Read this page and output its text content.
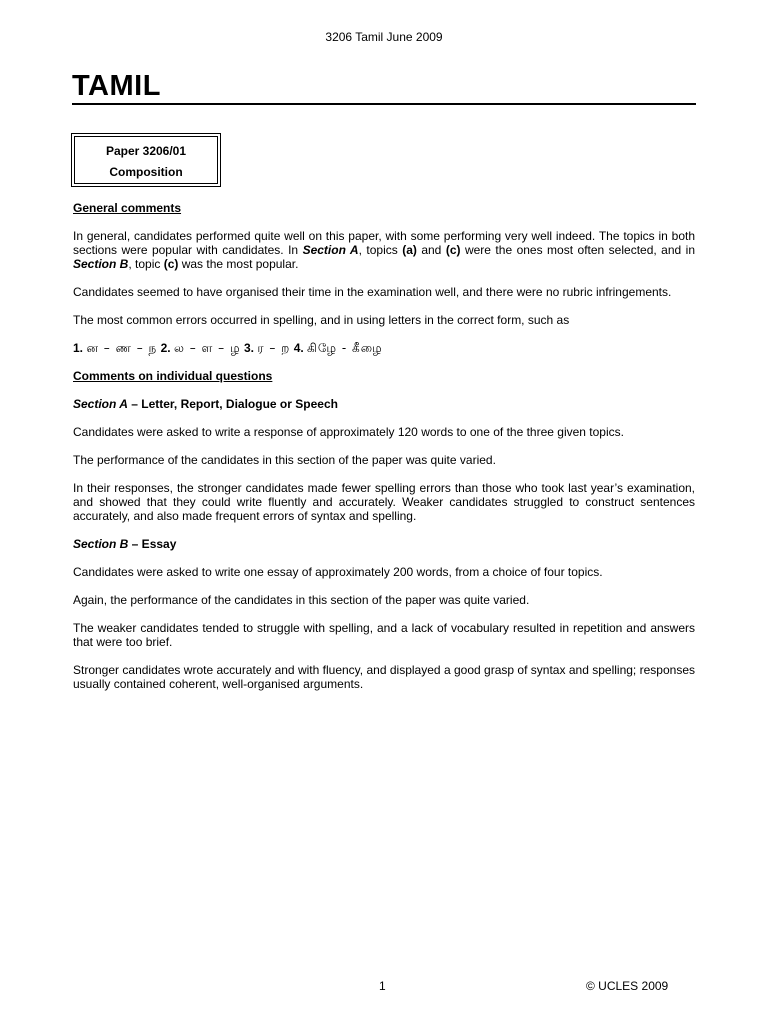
3206 Tamil June 2009
TAMIL
Paper 3206/01
Composition

General comments

In general, candidates performed quite well on this paper, with some performing very well indeed. The topics in both sections were popular with candidates. In Section A, topics (a) and (c) were the ones most often selected, and in Section B, topic (c) was the most popular.

Candidates seemed to have organised their time in the examination well, and there were no rubric infringements.

The most common errors occurred in spelling, and in using letters in the correct form, such as

1. ன – ண – ந 2. ல – ள – ழ 3. ர – ற 4. கிழே - கீழை

Comments on individual questions

Section A – Letter, Report, Dialogue or Speech

Candidates were asked to write a response of approximately 120 words to one of the three given topics.

The performance of the candidates in this section of the paper was quite varied.

In their responses, the stronger candidates made fewer spelling errors than those who took last year’s examination, and showed that they could write fluently and accurately. Weaker candidates struggled to construct sentences accurately, and also made frequent errors of syntax and spelling.

Section B – Essay

Candidates were asked to write one essay of approximately 200 words, from a choice of four topics.

Again, the performance of the candidates in this section of the paper was quite varied.

The weaker candidates tended to struggle with spelling, and a lack of vocabulary resulted in repetition and answers that were too brief.

Stronger candidates wrote accurately and with fluency, and displayed a good grasp of syntax and spelling; responses usually contained coherent, well-organised arguments.

1	© UCLES 2009
